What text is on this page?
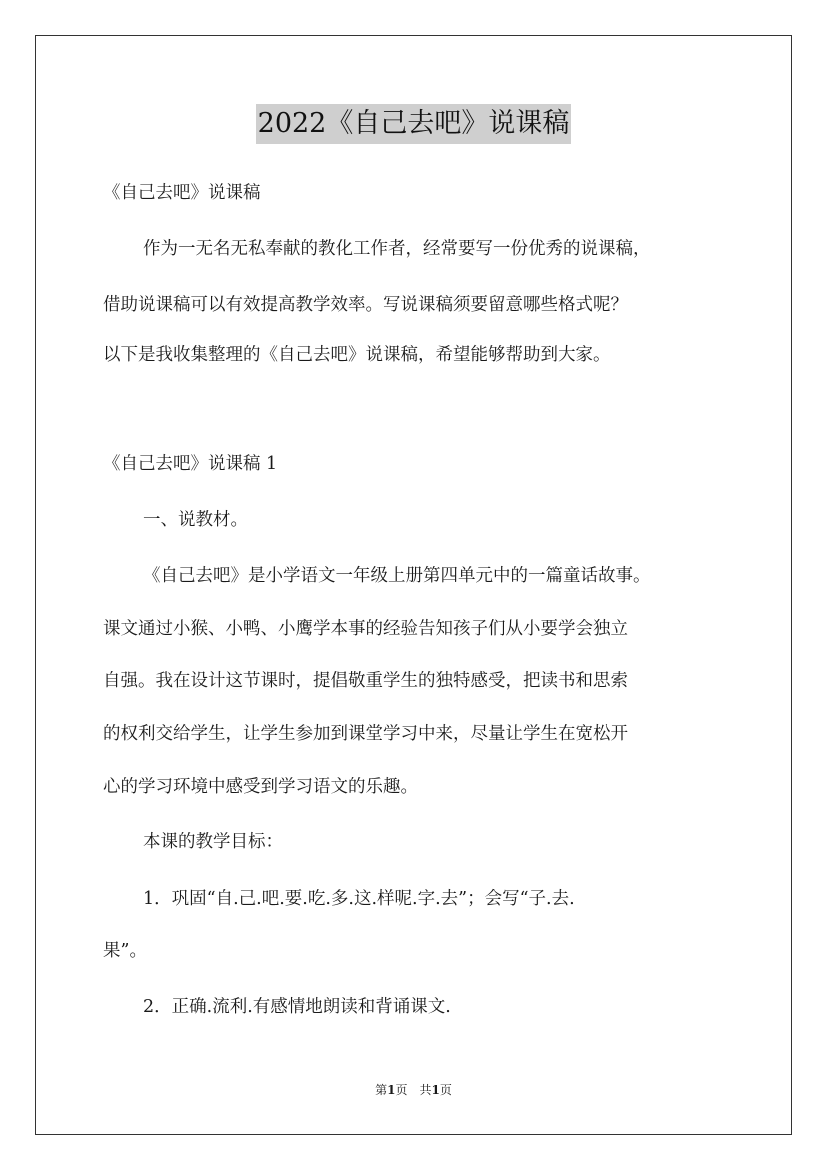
2022《自己去吧》说课稿
《自己去吧》说课稿
作为一无名无私奉献的教化工作者，经常要写一份优秀的说课稿，
借助说课稿可以有效提高教学效率。写说课稿须要留意哪些格式呢？
以下是我收集整理的《自己去吧》说课稿，希望能够帮助到大家。
《自己去吧》说课稿 1
一、说教材。
《自己去吧》是小学语文一年级上册第四单元中的一篇童话故事。
课文通过小猴、小鸭、小鹰学本事的经验告知孩子们从小要学会独立
自强。我在设计这节课时，提倡敬重学生的独特感受，把读书和思索
的权利交给学生，让学生参加到课堂学习中来，尽量让学生在宽松开
心的学习环境中感受到学习语文的乐趣。
本课的教学目标：
1．巩固“自.己.吧.要.吃.多.这.样呢.字.去”；会写“子.去.
果”。
2．正确.流利.有感情地朗读和背诵课文.
第1页　共1页
